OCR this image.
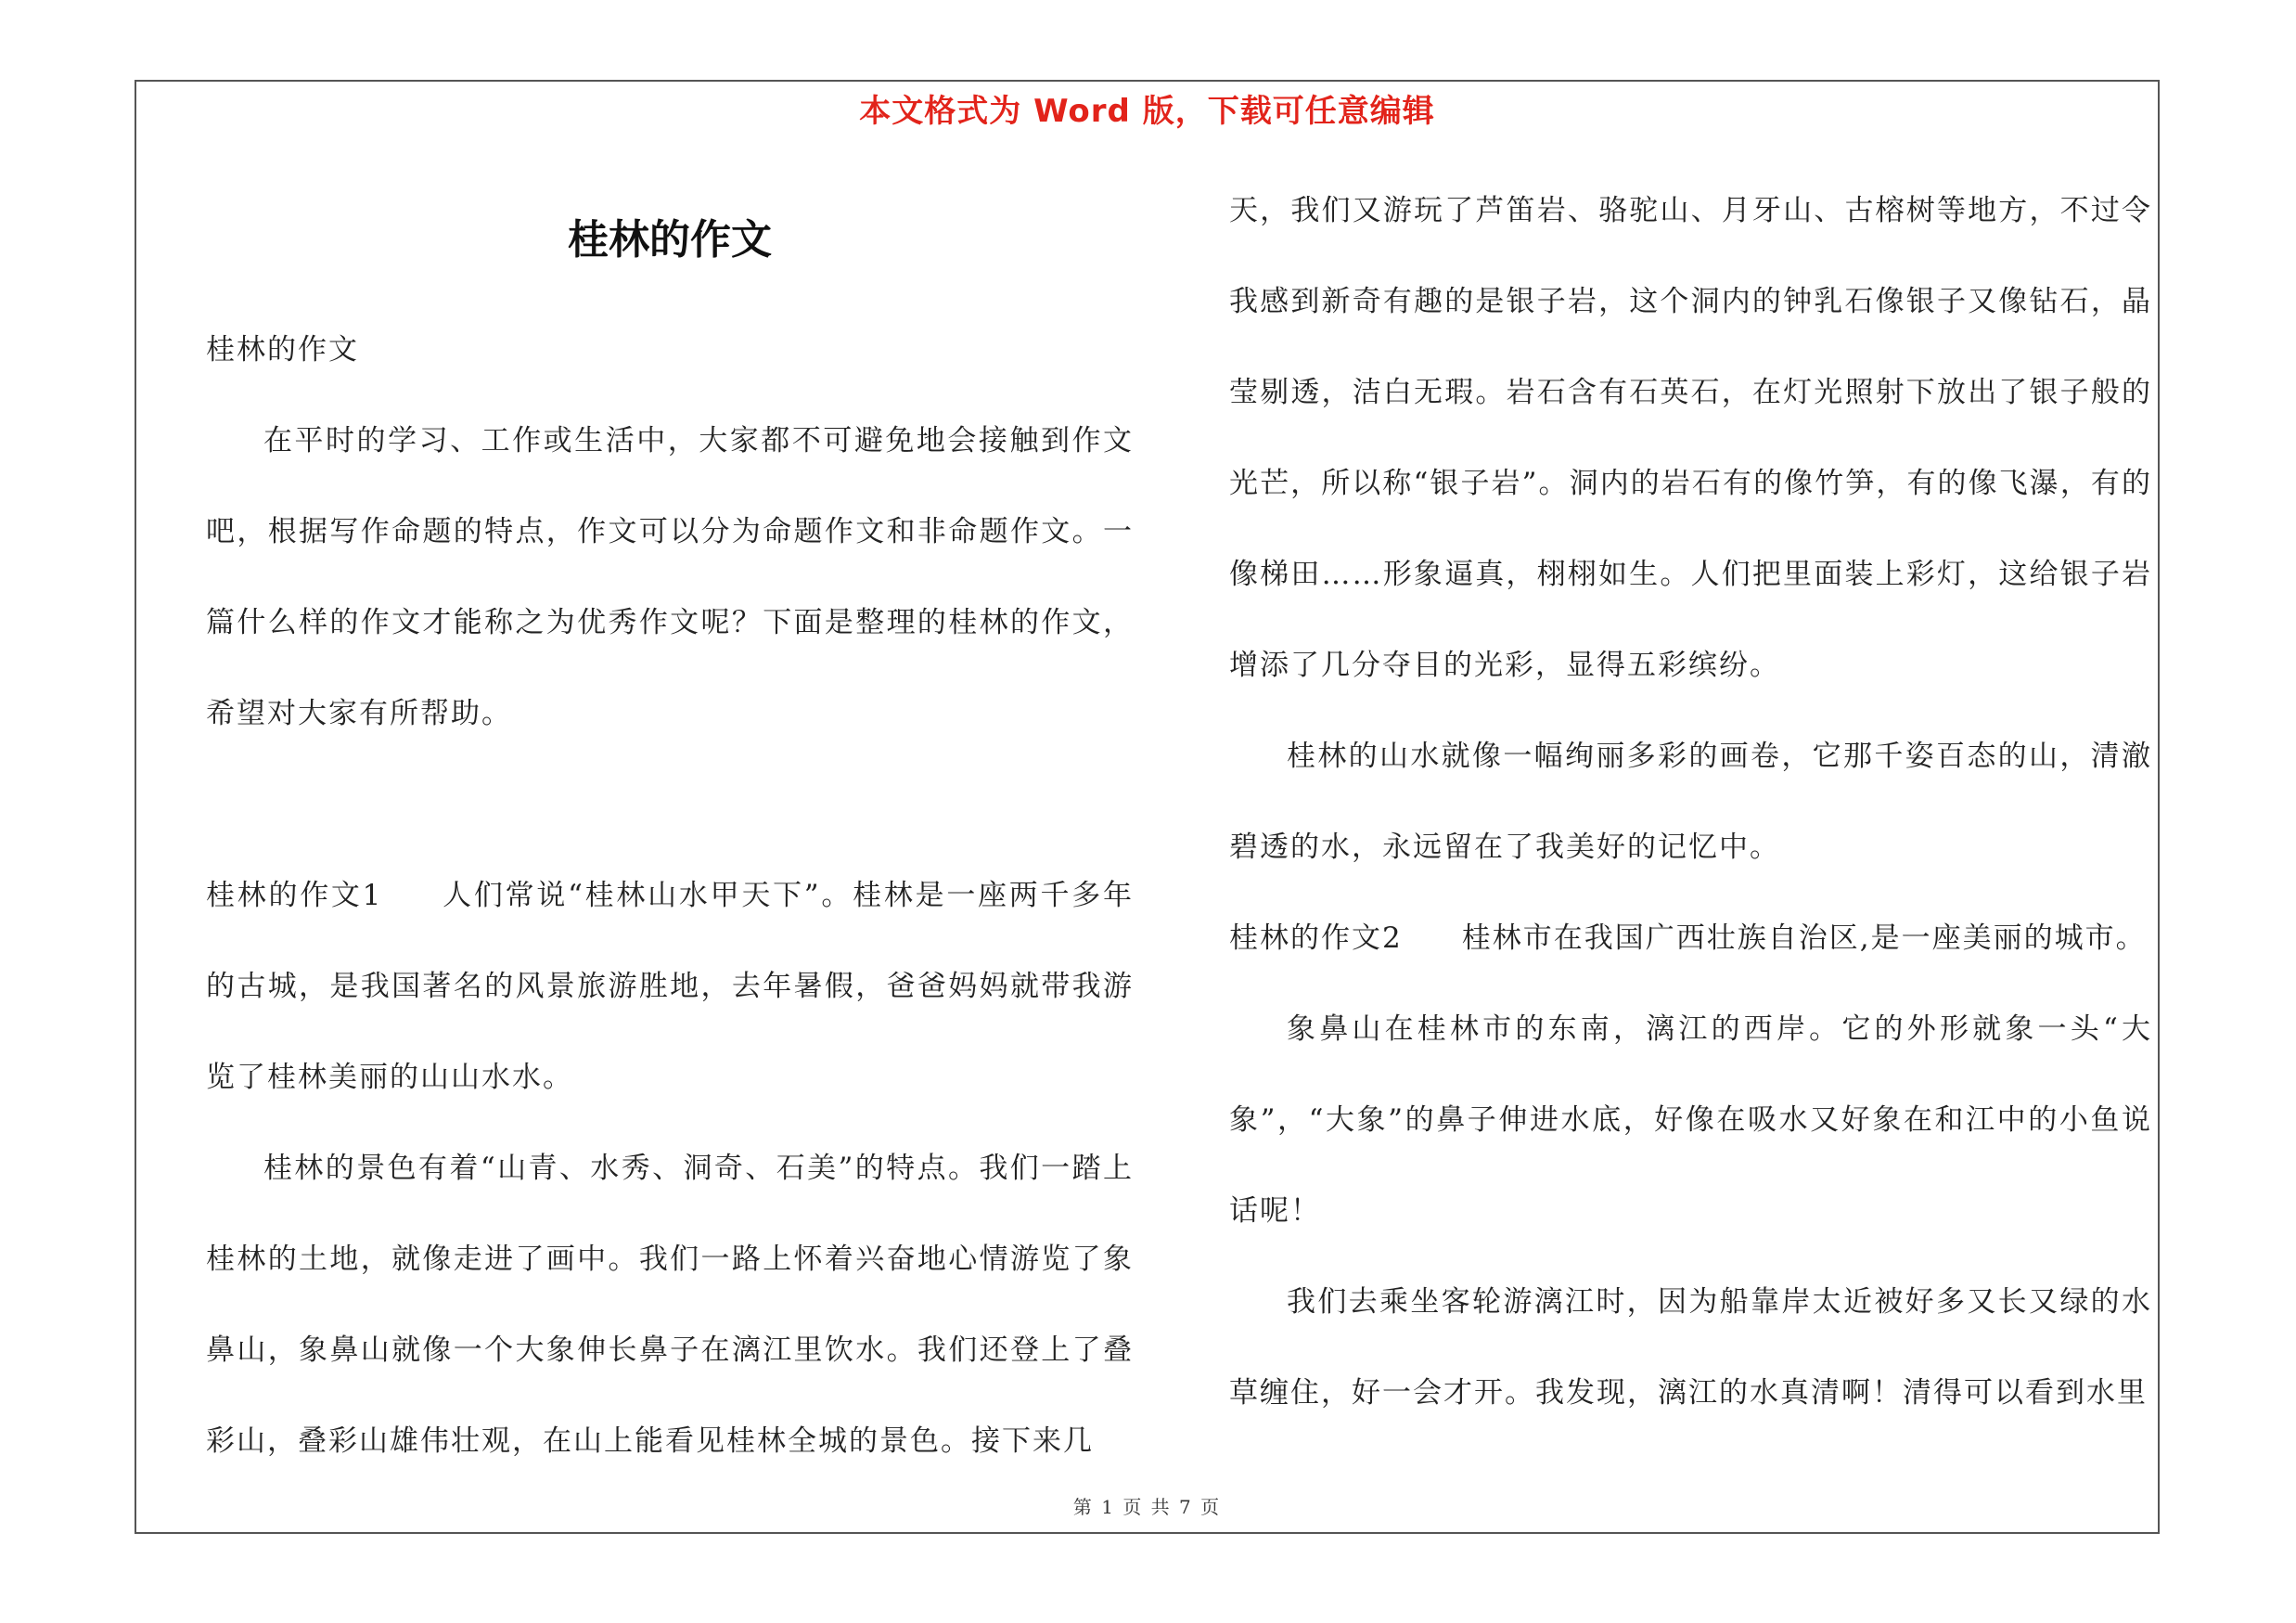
本文格式为 Word 版，下载可任意编辑
桂林的作文

桂林的作文

在平时的学习、工作或生活中，大家都不可避免地会接触到作文吧，根据写作命题的特点，作文可以分为命题作文和非命题作文。一篇什么样的作文才能称之为优秀作文呢？下面是整理的桂林的作文，希望对大家有所帮助。

桂林的作文1 人们常说“桂林山水甲天下”。桂林是一座两千多年的古城，是我国著名的风景旅游胜地，去年暑假，爸爸妈妈就带我游览了桂林美丽的山山水水。

桂林的景色有着“山青、水秀、洞奇、石美”的特点。我们一踏上桂林的土地，就像走进了画中。我们一路上怀着兴奋地心情游览了象鼻山，象鼻山就像一个大象伸长鼻子在漓江里饮水。我们还登上了叠彩山，叠彩山雄伟壮观，在山上能看见桂林全城的景色。接下来几

天，我们又游玩了芦笛岩、骆驼山、月牙山、古榕树等地方，不过令我感到新奇有趣的是银子岩，这个洞内的钟乳石像银子又像钻石，晶莹剔透，洁白无瑕。岩石含有石英石，在灯光照射下放出了银子般的光芒，所以称“银子岩”。洞内的岩石有的像竹笋，有的像飞瀑，有的像梯田……形象逼真，栩栩如生。人们把里面装上彩灯，这给银子岩增添了几分夺目的光彩，显得五彩缤纷。

桂林的山水就像一幅绚丽多彩的画卷，它那千姿百态的山，清澈碧透的水，永远留在了我美好的记忆中。

桂林的作文2 桂林市在我国广西壮族自治区,是一座美丽的城市。

象鼻山在桂林市的东南，漓江的西岸。它的外形就象一头“大象”，“大象”的鼻子伸进水底，好像在吸水又好象在和江中的小鱼说话呢！

我们去乘坐客轮游漓江时，因为船靠岸太近被好多又长又绿的水草缠住，好一会才开。我发现，漓江的水真清啊！清得可以看到水里

第 1 页 共 7 页
